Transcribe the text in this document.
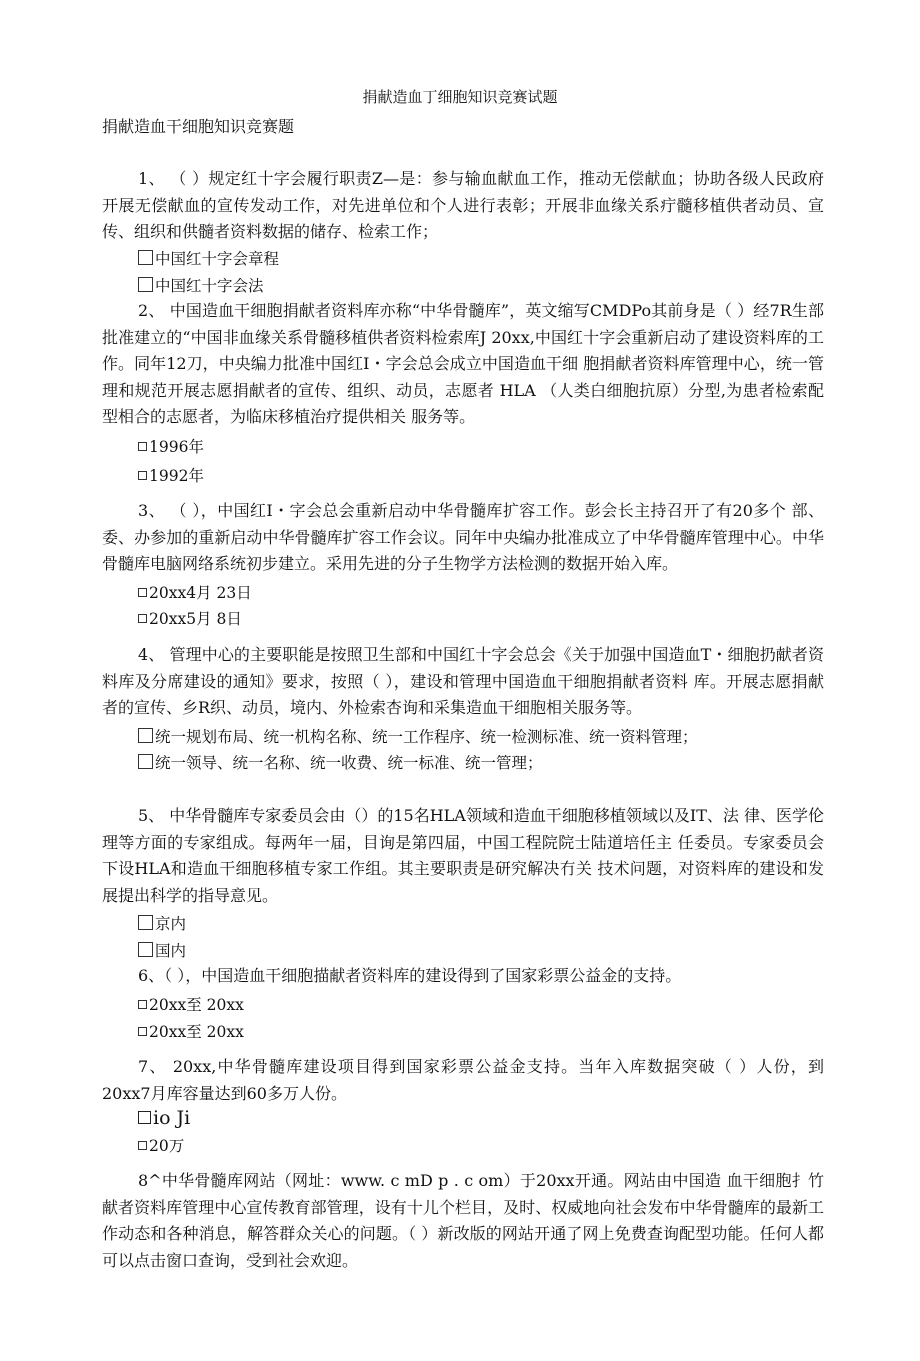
捐献造血丁细胞知识竞赛试题
捐献造血干细胞知识竞赛题
1、 （ ）规定红十字会履行职责Z—是：参与输血献血工作，推动无偿献血；协助各级人民政府开展无偿献血的宣传发动工作，对先进单位和个人进行表彰；开展非血缘关系疔髓移植供者动员、宣传、组织和供髓者资料数据的储存、检索工作；
中国红十字会章程
中国红十字会法
2、 中国造血干细胞捐献者资料库亦称“中华骨髓库”，英文缩写CMDPo其前身是（ ）经7R生部批准建立的“中国非血缘关系骨髓移植供者资料检索库J 20xx,中国红十字会重新启动了建设资料库的工作。同年12刀，中央编力批准中国红I・字会总会成立中国造血干细 胞捐献者资料库管理中心，统一管理和规范开展志愿捐献者的宣传、组织、动员，志愿者 HLA （人类白细胞抗原）分型,为患者检索配型相合的志愿者，为临床移植治疗提供相关 服务等。
1996年
1992年
3、 （ ），中国红I・字会总会重新启动中华骨髓库扩容工作。彭会长主持召开了有20多个 部、委、办参加的重新启动中华骨髓库扩容工作会议。同年中央编办批准成立了中华骨髓库管理中心。中华骨髓库电脑网络系统初步建立。采用先进的分子生物学方法检测的数据开始入库。
20xx4月 23日
20xx5月 8日
4、 管理中心的主要职能是按照卫生部和中国红十字会总会《关于加强中国造血T・细胞扔献者资料库及分席建设的通知》要求，按照（ ），建设和管理中国造血干细胞捐献者资料 库。开展志愿捐献者的宣传、乡R织、动员，境内、外检索杏询和采集造血干细胞相关服务等。
统一规划布局、统一机构名称、统一工作程序、统一检测标准、统一资料管理；
统一领导、统一名称、统一收费、统一标准、统一管理；
5、 中华骨髓库专家委员会由（）的15名HLA领域和造血干细胞移植领域以及IT、法 律、医学伦理等方面的专家组成。每两年一届，目询是第四届，中国工程院院士陆道培任主 任委员。专家委员会下设HLA和造血干细胞移植专家工作组。其主要职责是研究解决冇关 技术问题，对资料库的建设和发展提出科学的指导意见。
京内
国内
6、（ ），中国造血干细胞描献者资料库的建设得到了国家彩票公益金的支持。
20xx至 20xx
20xx至 20xx
7、 20xx,中华骨髓库建设项目得到国家彩票公益金支持。当年入库数据突破（ ）人份，到20xx7月库容量达到60多万人份。
io Ji
20万
8^中华骨髓库网站（网址：www. c mD p . c om）于20xx开通。网站由中国造 血干细胞扌竹献者资料库管理中心宣传教育部管理，设有十儿个栏目，及时、权威地向社会发布中华骨髓库的最新工作动态和各种消息，解答群众关心的问题。（ ）新改版的网站开通了网上免费查询配型功能。任何人都可以点击窗口查询，受到社会欢迎。
